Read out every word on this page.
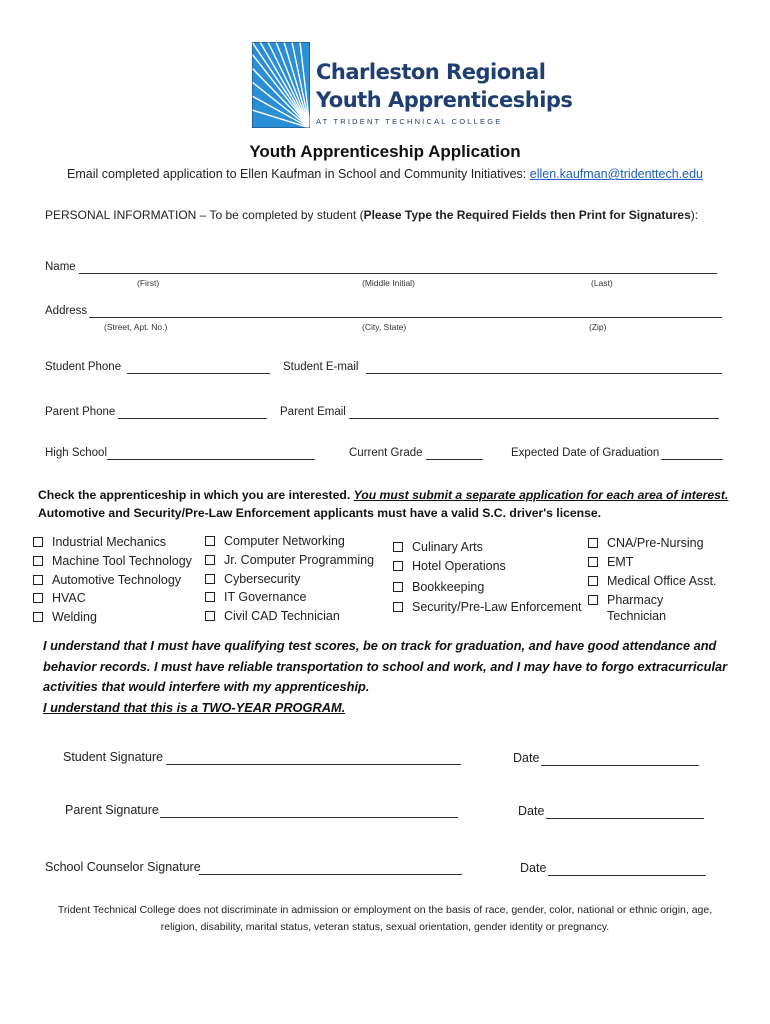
Charleston Regional
Youth Apprenticeships
AT TRIDENT TECHNICAL COLLEGE
Youth Apprenticeship Application
Email completed application to Ellen Kaufman in School and Community Initiatives: ellen.kaufman@tridenttech.edu
PERSONAL INFORMATION – To be completed by student (Please Type the Required Fields then Print for Signatures):
Name
(First)	(Middle Initial)	(Last)
Address
(Street, Apt. No.)	(City, State)	(Zip)
Student Phone	Student E-mail
Parent Phone	Parent Email
High School	Current Grade	Expected Date of Graduation
Check the apprenticeship in which you are interested. You must submit a separate application for each area of interest. Automotive and Security/Pre-Law Enforcement applicants must have a valid S.C. driver's license.
Industrial Mechanics
Machine Tool Technology
Automotive Technology
HVAC
Welding
Computer Networking
Jr. Computer Programming
Cybersecurity
IT Governance
Civil CAD Technician
Culinary Arts
Hotel Operations
Bookkeeping
Security/Pre-Law Enforcement
CNA/Pre-Nursing
EMT
Medical Office Asst.
Pharmacy
Technician
I understand that I must have qualifying test scores, be on track for graduation, and have good attendance and behavior records. I must have reliable transportation to school and work, and I may have to forgo extracurricular activities that would interfere with my apprenticeship.
I understand that this is a TWO-YEAR PROGRAM.
Student Signature	Date
Parent Signature	Date
School Counselor Signature	Date
Trident Technical College does not discriminate in admission or employment on the basis of race, gender, color, national or ethnic origin, age, religion, disability, marital status, veteran status, sexual orientation, gender identity or pregnancy.
